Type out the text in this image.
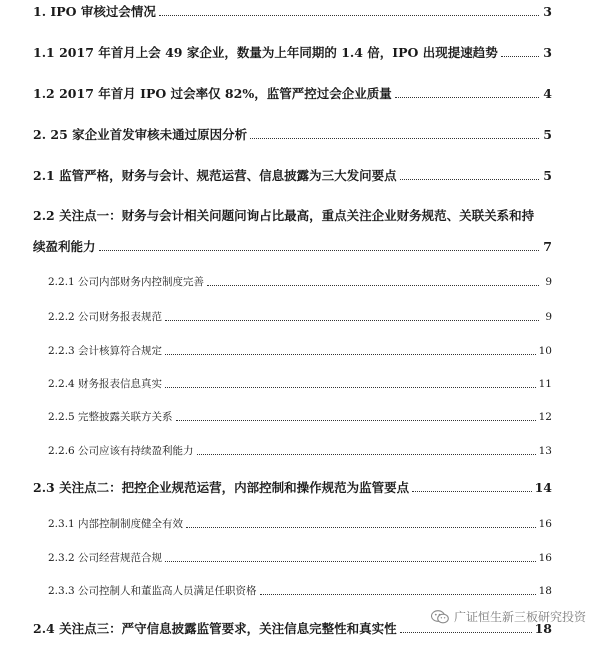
1. IPO 审核过会情况	3
1.1 2017 年首月上会 49 家企业，数量为上年同期的 1.4 倍，IPO 出现提速趋势	3
1.2 2017 年首月 IPO 过会率仅 82%，监管严控过会企业质量	4
2. 25 家企业首发审核未通过原因分析	5
2.1 监管严格，财务与会计、规范运营、信息披露为三大发问要点	5
2.2 关注点一：财务与会计相关问题问询占比最高，重点关注企业财务规范、关联关系和持
续盈利能力	7
2.2.1 公司内部财务内控制度完善	9
2.2.2 公司财务报表规范	9
2.2.3 会计核算符合规定	10
2.2.4 财务报表信息真实	11
2.2.5 完整披露关联方关系	12
2.2.6 公司应该有持续盈利能力	13
2.3 关注点二：把控企业规范运营，内部控制和操作规范为监管要点	14
2.3.1 内部控制制度健全有效	16
2.3.2 公司经营规范合规	16
2.3.3 公司控制人和董监高人员满足任职资格	18
2.4 关注点三：严守信息披露监管要求，关注信息完整性和真实性	18
广证恒生新三板研究投资
